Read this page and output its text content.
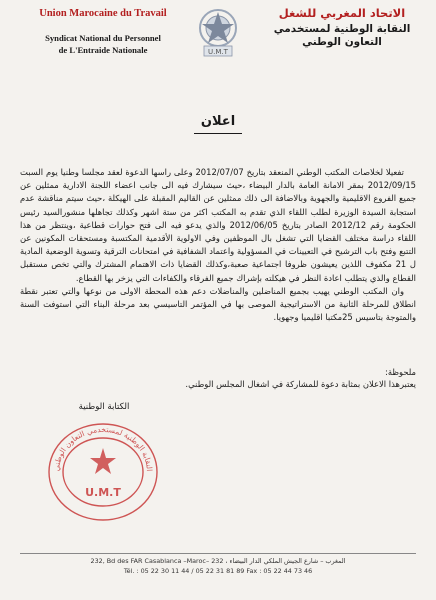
Union Marocaine du Travail
Syndicat National du Personnel
de L'Entraide Nationale	U.M.T
الاتحاد المغربي للشغل
النقابة الوطنية لمستخدمي
التعاون الوطني
اعلان

تفعيلا لخلاصات المكتب الوطني المنعقد بتاريخ 2012/07/07 وعلى راسها الدعوة لعقد مجلسا وطنيا يوم السبت 2012/09/15 بمقر الامانة العامة بالدار البيضاء ،حيث سيشارك فيه الى جانب اعضاء اللجنة الادارية ممثلين عن جميع الفروع الاقليمية والجهوية وبالاضافة الى ذلك ممثلين عن القاليم المقبلة على الهيكلة ،حيث سيتم مناقشة عدم استجابة السيدة الوزيرة لطلب اللقاء الذي تقدم به المكتب اكثر من ستة اشهر وكذلك تجاهلها منشورالسيد رئيس الحكومة رقم 2012/12 الصادر بتاريخ 2012/06/05 والذي يدعو فيه الى فتح حوارات قطاعية ،وينتظر من هذا اللقاء دراسة مختلف القضايا التي تشغل بال الموظفين وفي الاولوية الأقدمية المكتسبة ومستحقات المكونين عن التتبع وفتح باب الترشيح في التعيينات في المسؤولية واعتماد الشفافية في امتحانات الترقية وتسوية الوضعية المادية ل 21 مكفوف اللذين يعيشون ظروفا اجتماعية صعبة،وكذلك القضايا ذات الاهتمام المشترك والتي تخص مستقبل القطاع والذي يتطلب اعادة النظر في هيكلته بإشراك جميع الفرقاء والكفاءات التي يزخر بها القطاع.

وان المكتب الوطني يهيب بجميع المناضلين والمناضلات دعم هذه المحطة الاولى من نوعها والتي تعتبر نقطة انطلاق للمرحلة الثانية من الاستراتيجية الموصى بها في المؤتمر التاسيسي بعد مرحلة البناء التي استوفت السنة والمتوجة بتاسيس 25مكتبا اقليميا وجهويا.

ملحوظة:
يعتبرهذا الاعلان بمثابة دعوة للمشاركة في اشغال المجلس الوطني.
الكتابة الوطنية
النقابة الوطنية لمستخدمي التعاون الوطني
U.M.T
232, Bd des FAR Casablanca –Maroc– المغرب – شارع الجيش الملكي الدار البيضاء ، 232
Tél. : 05 22 30 11 44 / 05 22 31 81 89 Fax : 05 22 44 73 46
